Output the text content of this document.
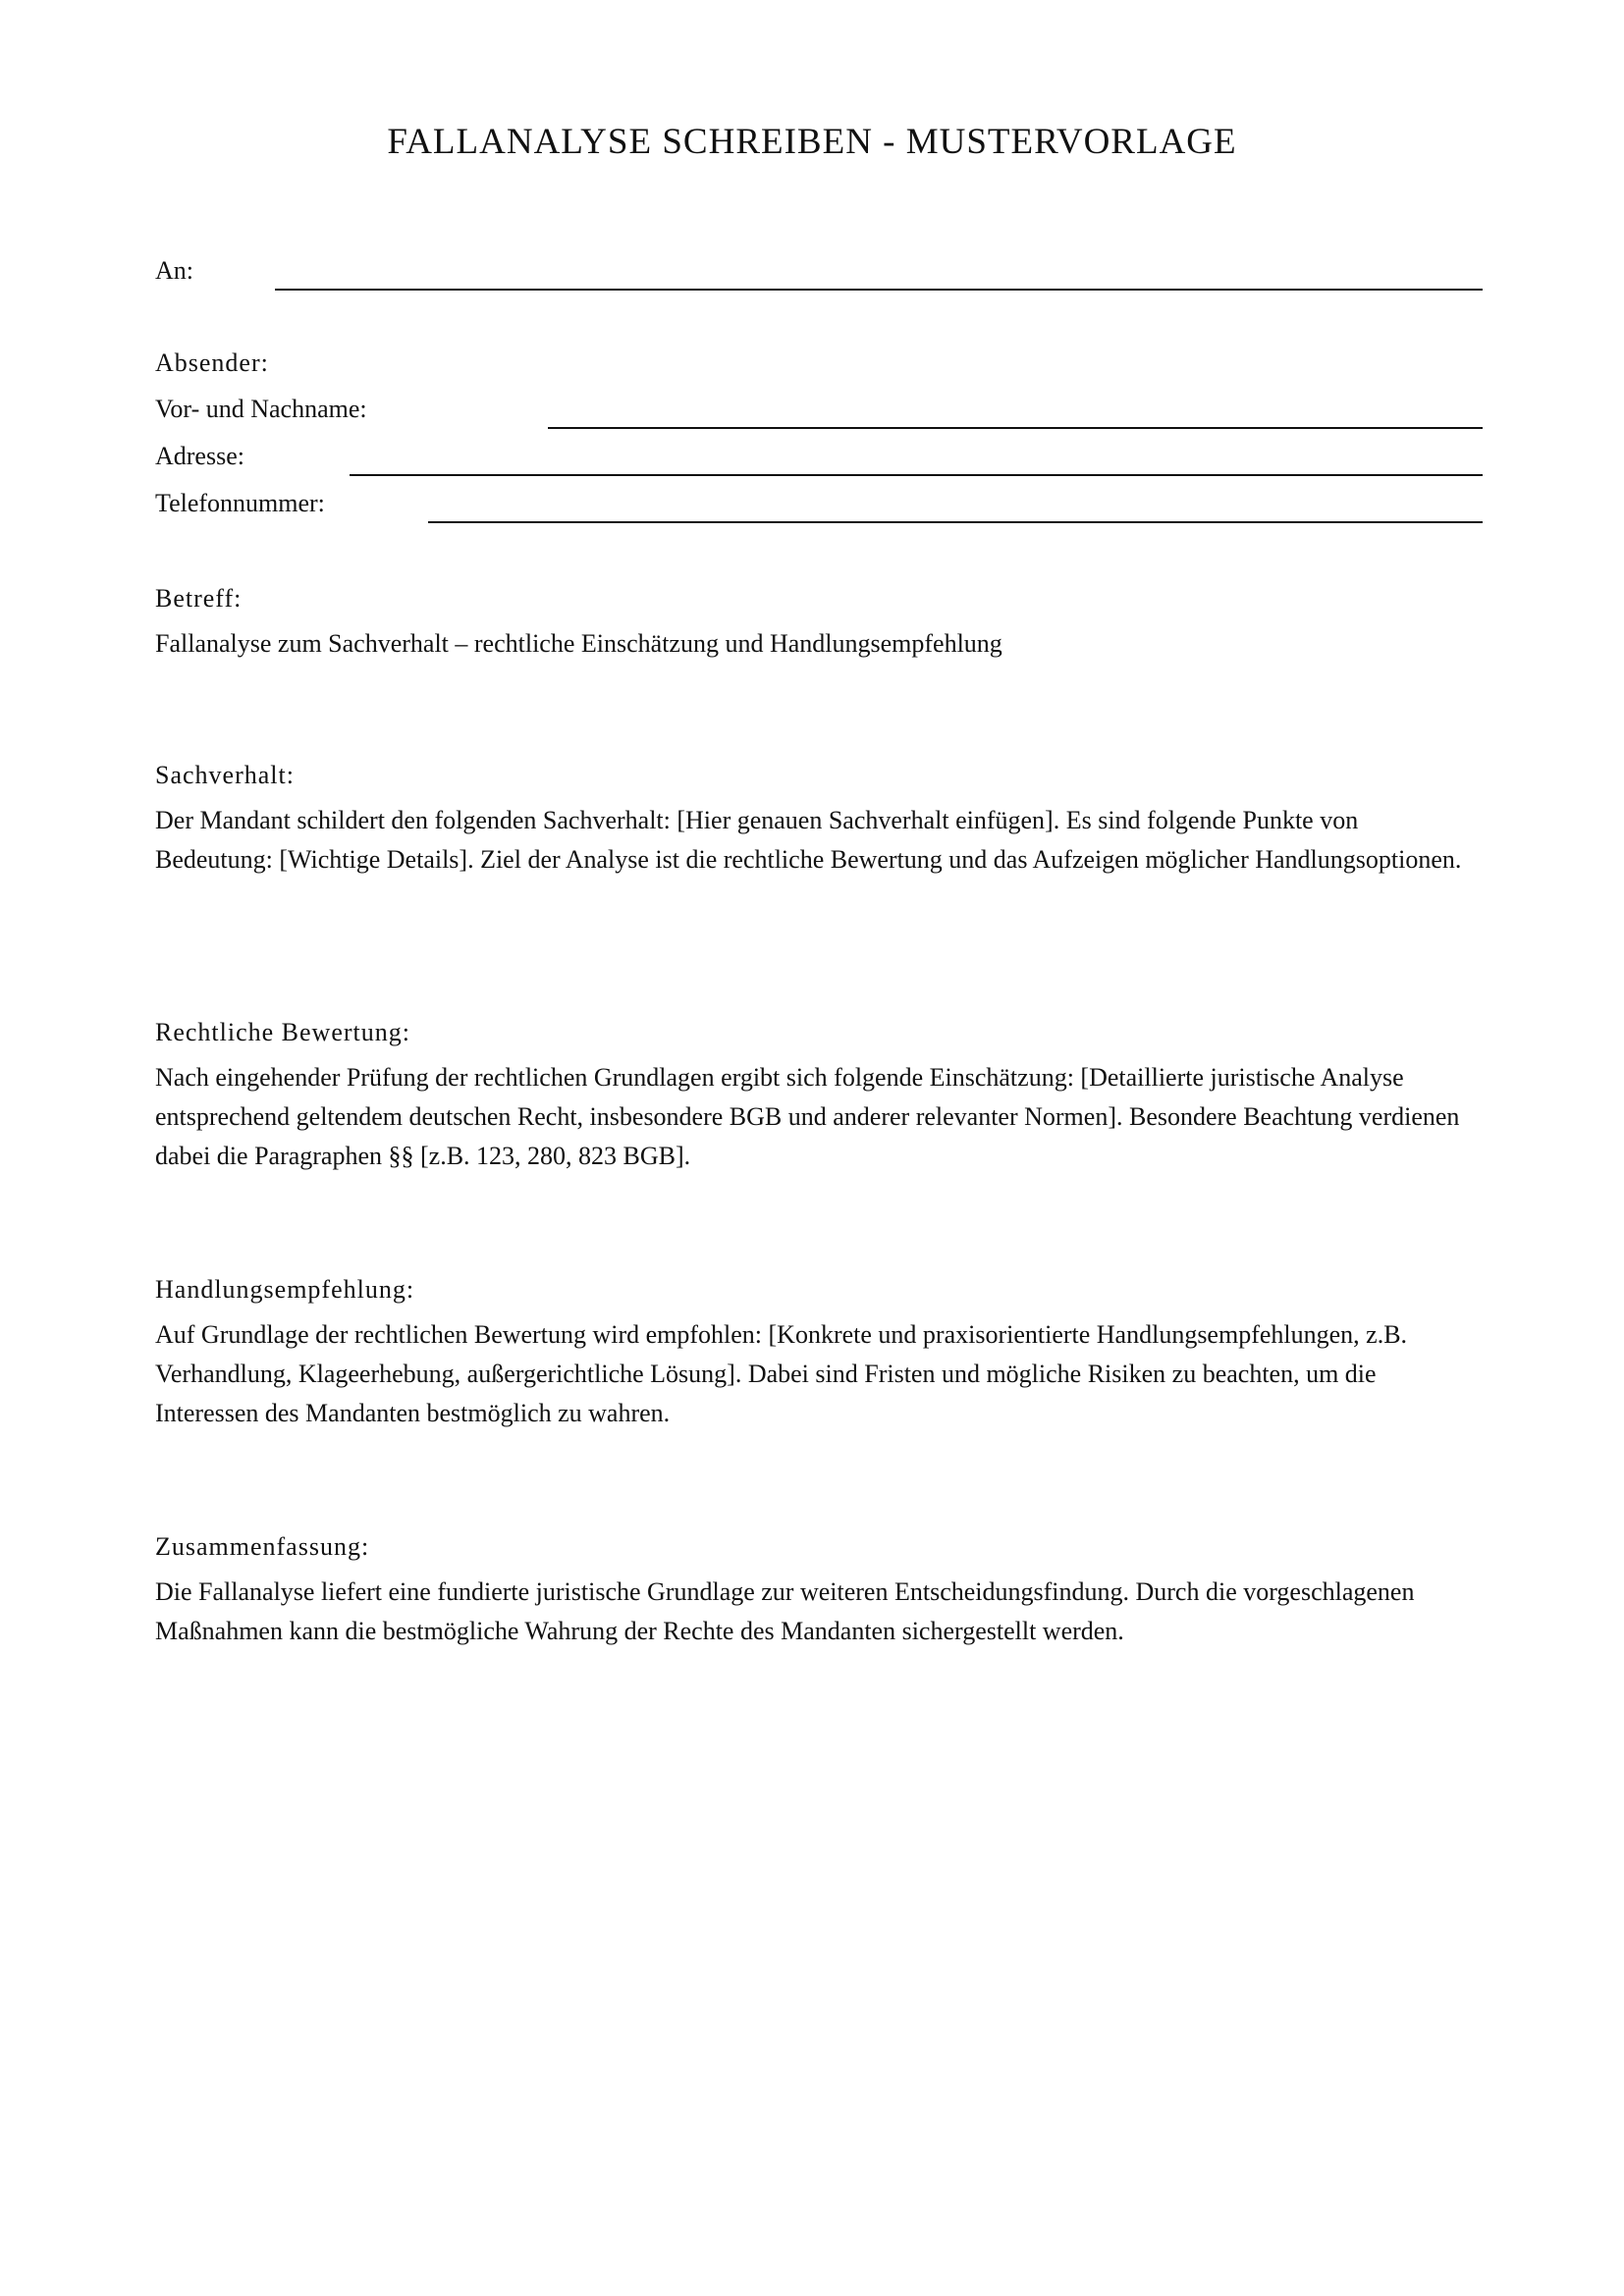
FALLANALYSE SCHREIBEN - MUSTERVORLAGE
An:
Absender:
Vor- und Nachname:
Adresse:
Telefonnummer:
Betreff:
Fallanalyse zum Sachverhalt – rechtliche Einschätzung und Handlungsempfehlung
Sachverhalt:
Der Mandant schildert den folgenden Sachverhalt: [Hier genauen Sachverhalt einfügen]. Es sind folgende Punkte von Bedeutung: [Wichtige Details]. Ziel der Analyse ist die rechtliche Bewertung und das Aufzeigen möglicher Handlungsoptionen.
Rechtliche Bewertung:
Nach eingehender Prüfung der rechtlichen Grundlagen ergibt sich folgende Einschätzung: [Detaillierte juristische Analyse entsprechend geltendem deutschen Recht, insbesondere BGB und anderer relevanter Normen]. Besondere Beachtung verdienen dabei die Paragraphen §§ [z.B. 123, 280, 823 BGB].
Handlungsempfehlung:
Auf Grundlage der rechtlichen Bewertung wird empfohlen: [Konkrete und praxisorientierte Handlungsempfehlungen, z.B. Verhandlung, Klageerhebung, außergerichtliche Lösung]. Dabei sind Fristen und mögliche Risiken zu beachten, um die Interessen des Mandanten bestmöglich zu wahren.
Zusammenfassung:
Die Fallanalyse liefert eine fundierte juristische Grundlage zur weiteren Entscheidungsfindung. Durch die vorgeschlagenen Maßnahmen kann die bestmögliche Wahrung der Rechte des Mandanten sichergestellt werden.
